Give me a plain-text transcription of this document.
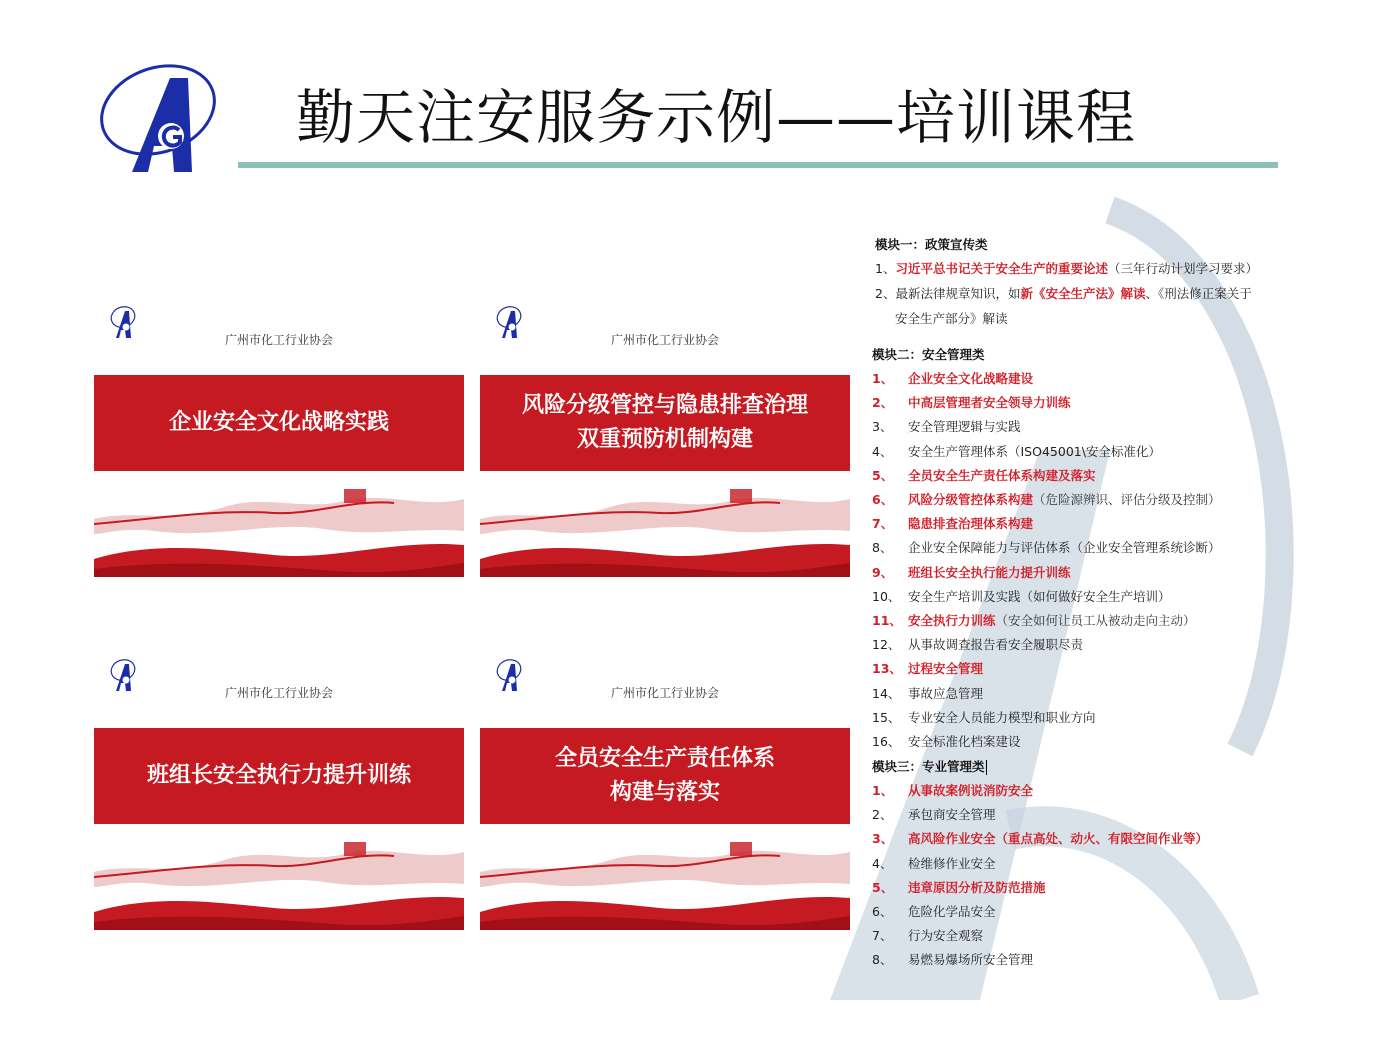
勤天注安服务示例——培训课程
广州市化工行业协会
企业安全文化战略实践
广州市化工行业协会
风险分级管控与隐患排查治理
双重预防机制构建
广州市化工行业协会
班组长安全执行力提升训练
广州市化工行业协会
全员安全生产责任体系
构建与落实
模块一：政策宣传类
1、习近平总书记关于安全生产的重要论述（三年行动计划学习要求）
2、最新法律规章知识，如新《安全生产法》解读、《刑法修正案关于
安全生产部分》解读
模块二：安全管理类
1、 企业安全文化战略建设
2、 中高层管理者安全领导力训练
3、 安全管理逻辑与实践
4、 安全生产管理体系（ISO45001\安全标准化）
5、 全员安全生产责任体系构建及落实
6、 风险分级管控体系构建（危险源辨识、评估分级及控制）
7、 隐患排查治理体系构建
8、 企业安全保障能力与评估体系（企业安全管理系统诊断）
9、 班组长安全执行能力提升训练
10、 安全生产培训及实践（如何做好安全生产培训）
11、 安全执行力训练（安全如何让员工从被动走向主动）
12、 从事故调查报告看安全履职尽责
13、 过程安全管理
14、 事故应急管理
15、 专业安全人员能力模型和职业方向
16、 安全标准化档案建设
模块三：专业管理类
1、 从事故案例说消防安全
2、 承包商安全管理
3、 高风险作业安全（重点高处、动火、有限空间作业等）
4、 检维修作业安全
5、 违章原因分析及防范措施
6、 危险化学品安全
7、 行为安全观察
8、 易燃易爆场所安全管理
